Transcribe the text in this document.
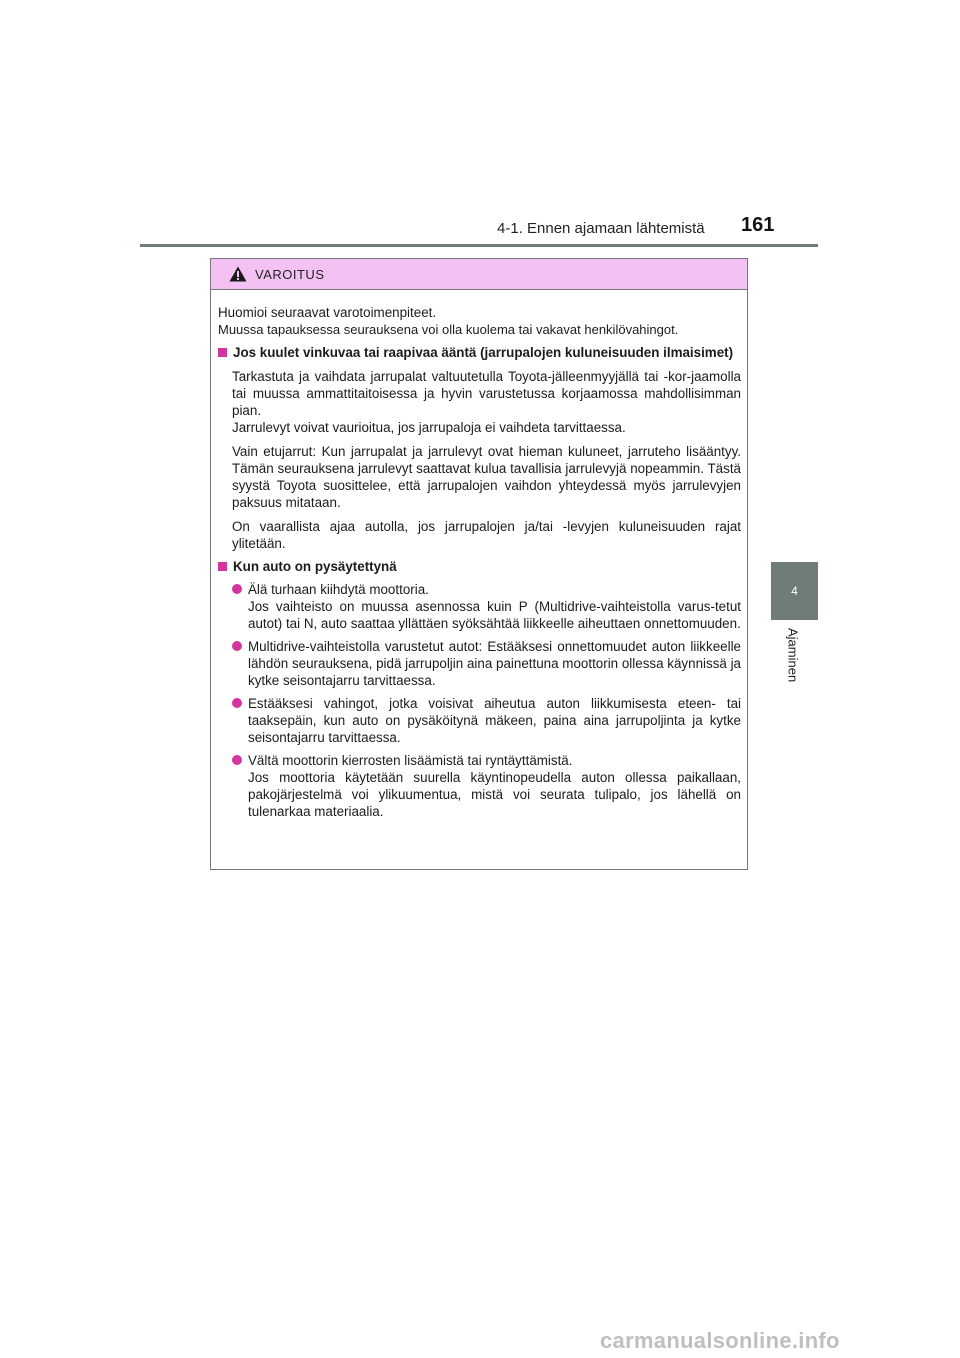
4-1. Ennen ajamaan lähtemistä 161
4
Ajaminen
VAROITUS

Huomioi seuraavat varotoimenpiteet.

Muussa tapauksessa seurauksena voi olla kuolema tai vakavat henkilövahingot.

Jos kuulet vinkuvaa tai raapivaa ääntä (jarrupalojen kuluneisuuden ilmaisimet)
Tarkastuta ja vaihdata jarrupalat valtuutetulla Toyota-jälleenmyyjällä tai -kor-jaamolla tai muussa ammattitaitoisessa ja hyvin varustetussa korjaamossa mahdollisimman pian.
Jarrulevyt voivat vaurioitua, jos jarrupaloja ei vaihdeta tarvittaessa.
Vain etujarrut: Kun jarrupalat ja jarrulevyt ovat hieman kuluneet, jarruteho lisääntyy. Tämän seurauksena jarrulevyt saattavat kulua tavallisia jarrulevyjä nopeammin. Tästä syystä Toyota suosittelee, että jarrupalojen vaihdon yhteydessä myös jarrulevyjen paksuus mitataan.
On vaarallista ajaa autolla, jos jarrupalojen ja/tai -levyjen kuluneisuuden rajat ylitetään.
Kun auto on pysäytettynä
Älä turhaan kiihdytä moottoria.
Jos vaihteisto on muussa asennossa kuin P (Multidrive-vaihteistolla varus-tetut autot) tai N, auto saattaa yllättäen syöksähtää liikkeelle aiheuttaen onnettomuuden.
Multidrive-vaihteistolla varustetut autot: Estääksesi onnettomuudet auton liikkeelle lähdön seurauksena, pidä jarrupoljin aina painettuna moottorin ollessa käynnissä ja kytke seisontajarru tarvittaessa.
Estääksesi vahingot, jotka voisivat aiheutua auton liikkumisesta eteen- tai taaksepäin, kun auto on pysäköitynä mäkeen, paina aina jarrupoljinta ja kytke seisontajarru tarvittaessa.
Vältä moottorin kierrosten lisäämistä tai ryntäyttämistä.
Jos moottoria käytetään suurella käyntinopeudella auton ollessa paikallaan, pakojärjestelmä voi ylikuumentua, mistä voi seurata tulipalo, jos lähellä on tulenarkaa materiaalia.
carmanualsonline.info
